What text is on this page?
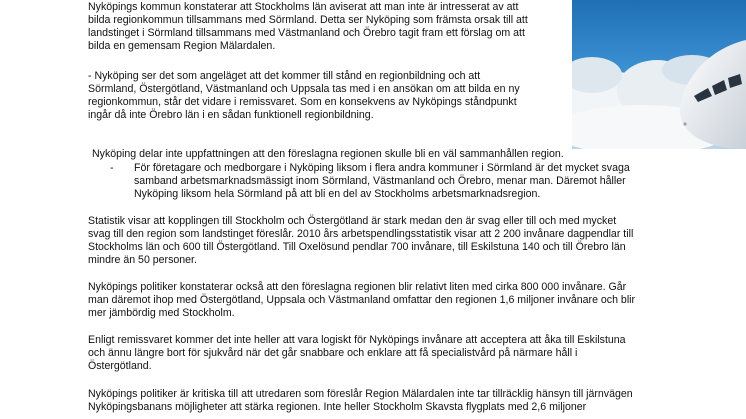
Nyköpings kommun konstaterar att Stockholms län aviserat att man inte är intresserat av att

bilda regionkommun tillsammans med Sörmland. Detta ser Nyköping som främsta orsak till att

landstinget i Sörmland tillsammans med Västmanland och Örebro tagit fram ett förslag om att

bilda en gemensam Region Mälardalen.

- Nyköping ser det som angeläget att det kommer till stånd en regionbildning och att

Sörmland, Östergötland, Västmanland och Uppsala tas med i en ansökan om att bilda en ny

regionkommun, står det vidare i remissvaret. Som en konsekvens av Nyköpings ståndpunkt

ingår då inte Örebro län i en sådan funktionell regionbildning.

Nyköping delar inte uppfattningen att den föreslagna regionen skulle bli en väl sammanhållen region.

- För företagare och medborgare i Nyköping liksom i flera andra kommuner i Sörmland är det mycket svaga

samband arbetsmarknadsmässigt inom Sörmland, Västmanland och Örebro, menar man. Däremot håller

Nyköping liksom hela Sörmland på att bli en del av Stockholms arbetsmarknadsregion.

Statistik visar att kopplingen till Stockholm och Östergötland är stark medan den är svag eller till och med mycket

svag till den region som landstinget föreslår. 2010 års arbetspendlingsstatistik visar att 2 200 invånare dagpendlar till

Stockholms län och 600 till Östergötland. Till Oxelösund pendlar 700 invånare, till Eskilstuna 140 och till Örebro län

mindre än 50 personer.

Nyköpings politiker konstaterar också att den föreslagna regionen blir relativt liten med cirka 800 000 invånare. Går

man däremot ihop med Östergötland, Uppsala och Västmanland omfattar den regionen 1,6 miljoner invånare och blir

mer jämbördig med Stockholm.

Enligt remissvaret kommer det inte heller att vara logiskt för Nyköpings invånare att acceptera att åka till Eskilstuna

och ännu längre bort för sjukvård när det går snabbare och enklare att få specialistvård på närmare håll i

Östergötland.

Nyköpings politiker är kritiska till att utredaren som föreslår Region Mälardalen inte tar tillräcklig hänsyn till järnvägen

Nyköpingsbanans möjligheter att stärka regionen. Inte heller Stockholm Skavsta flygplats med 2,6 miljoner
